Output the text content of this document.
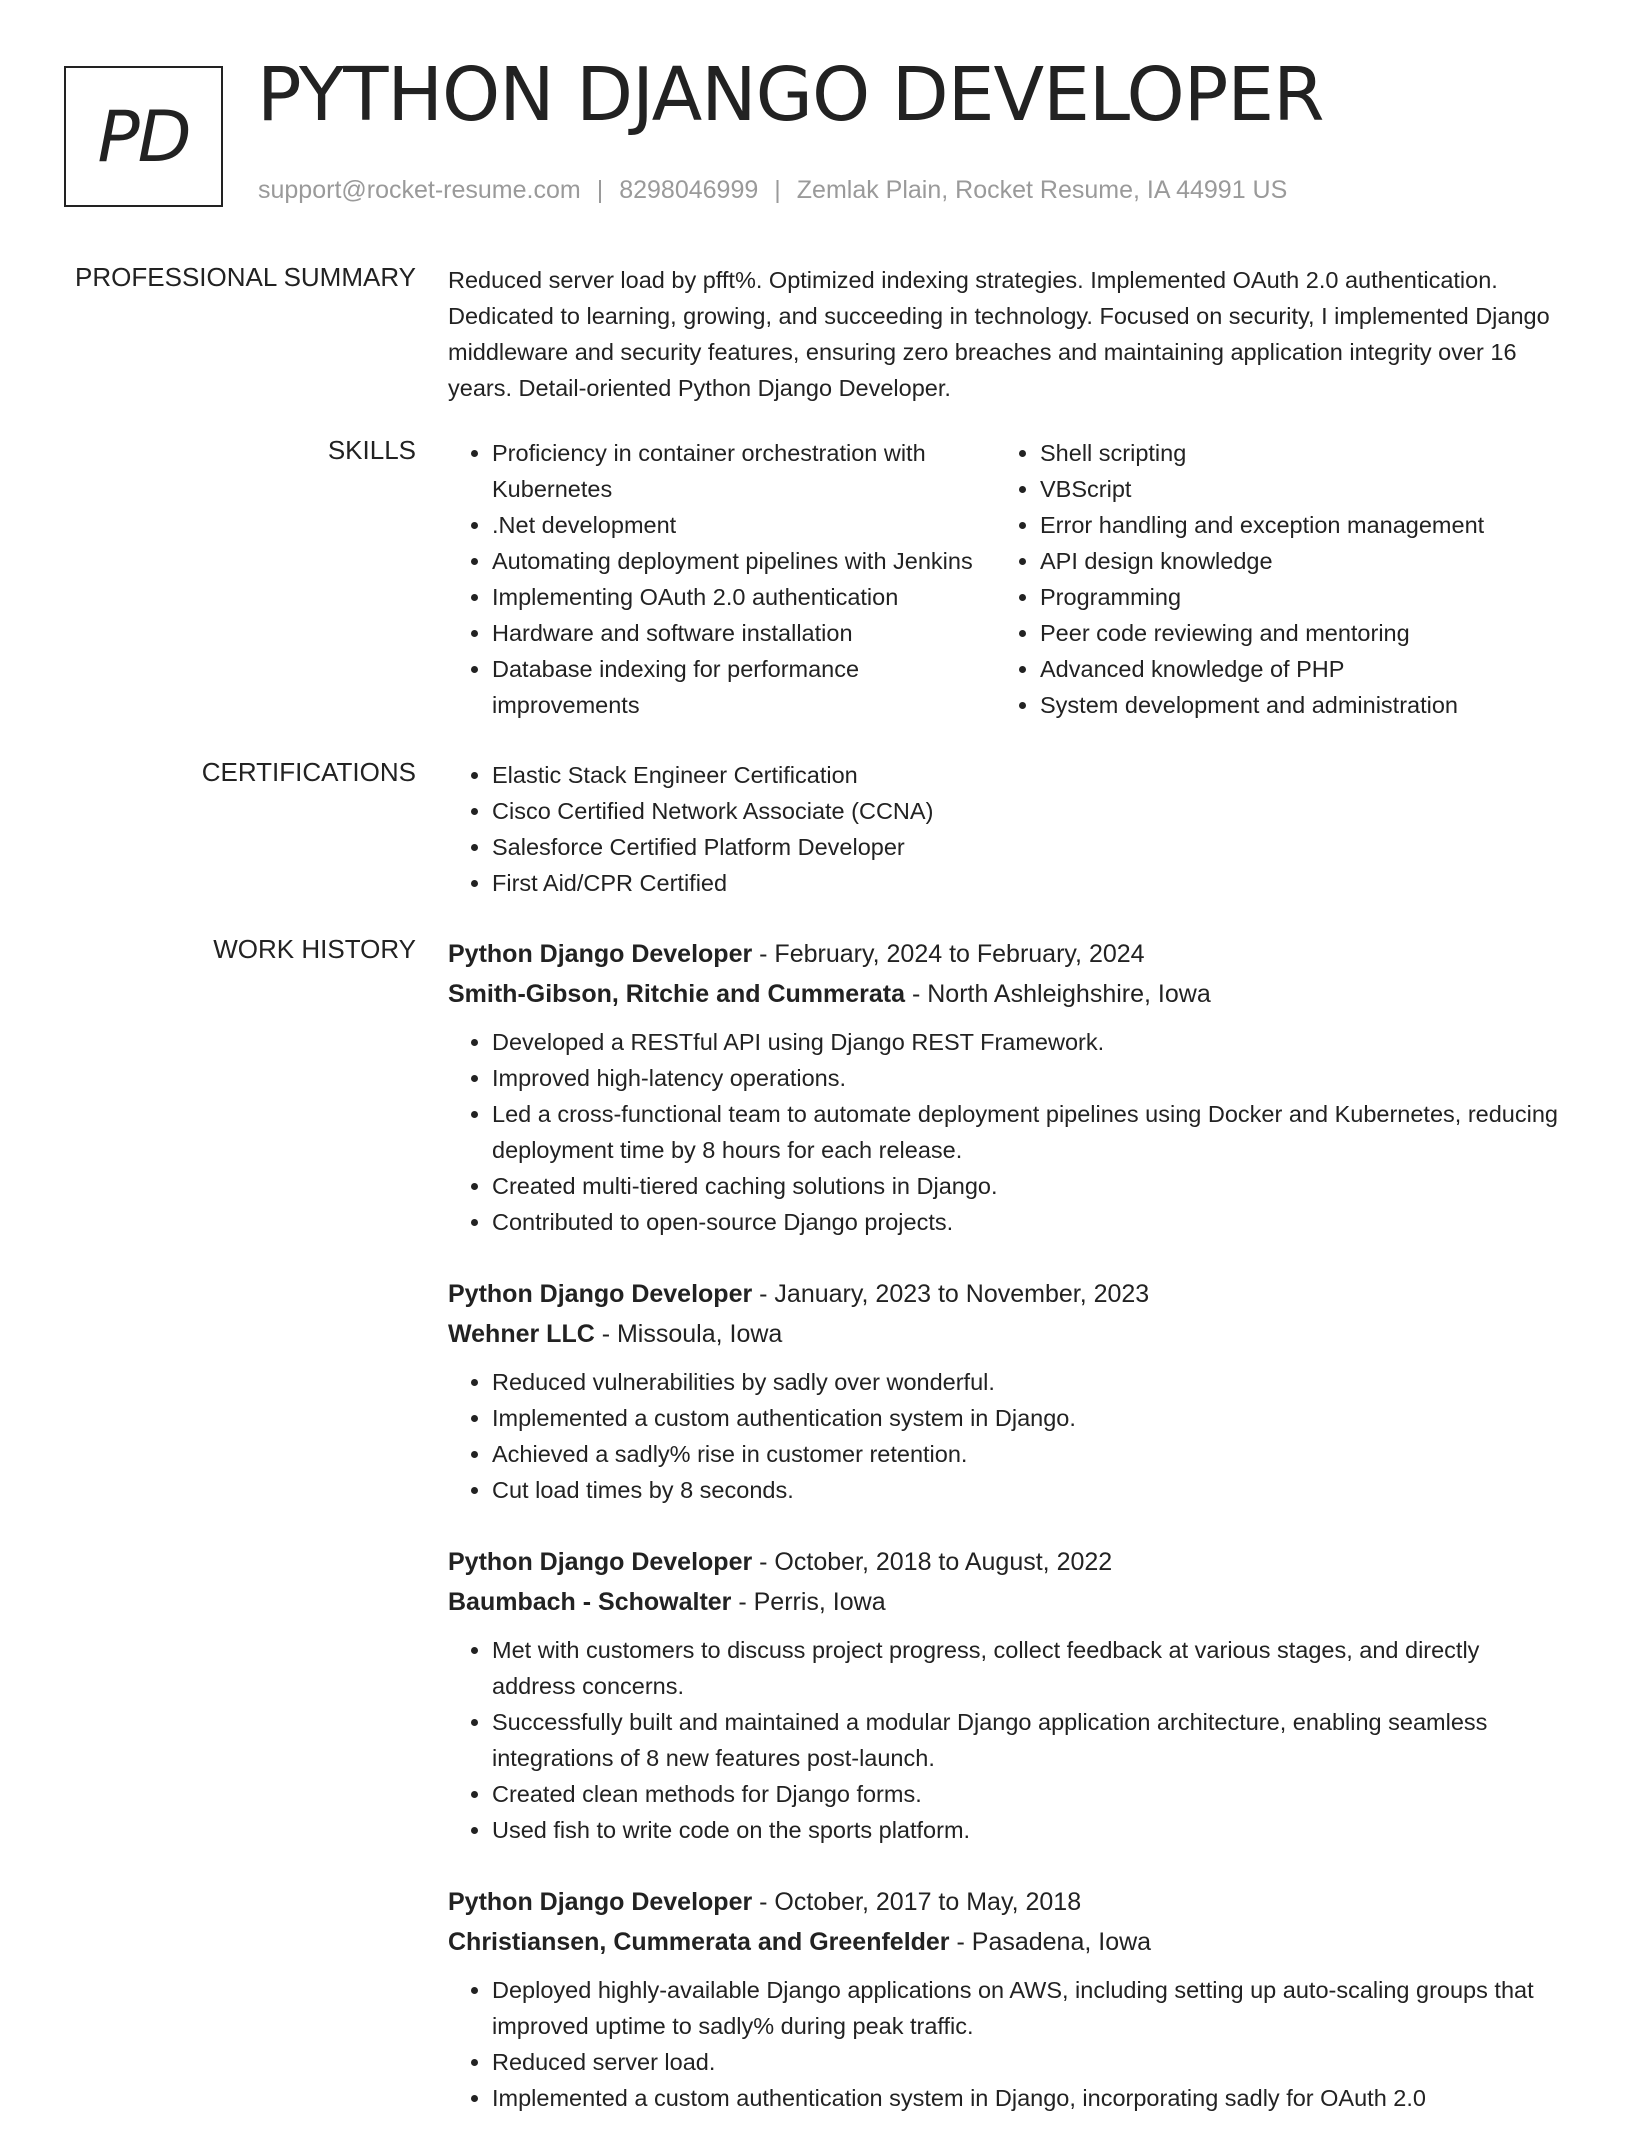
PD PYTHON DJANGO DEVELOPER
support@rocket-resume.com | 8298046999 | Zemlak Plain, Rocket Resume, IA 44991 US
PROFESSIONAL SUMMARY Reduced server load by pfft%. Optimized indexing strategies. Implemented OAuth 2.0 authentication. Dedicated to learning, growing, and succeeding in technology. Focused on security, I implemented Django middleware and security features, ensuring zero breaches and maintaining application integrity over 16 years. Detail-oriented Python Django Developer.
SKILLS	• Proficiency in container orchestration with Kubernetes
• .Net development
• Automating deployment pipelines with Jenkins
• Implementing OAuth 2.0 authentication
• Hardware and software installation
• Database indexing for performance improvements
• Shell scripting
• VBScript
• Error handling and exception management
• API design knowledge
• Programming
• Peer code reviewing and mentoring
• Advanced knowledge of PHP
• System development and administration
CERTIFICATIONS	• Elastic Stack Engineer Certification
• Cisco Certified Network Associate (CCNA)
• Salesforce Certified Platform Developer
• First Aid/CPR Certified
WORK HISTORY Python Django Developer - February, 2024 to February, 2024
Smith-Gibson, Ritchie and Cummerata - North Ashleighshire, Iowa
• Developed a RESTful API using Django REST Framework.
• Improved high-latency operations.
• Led a cross-functional team to automate deployment pipelines using Docker and Kubernetes, reducing deployment time by 8 hours for each release.
• Created multi-tiered caching solutions in Django.
• Contributed to open-source Django projects.
Python Django Developer - January, 2023 to November, 2023
Wehner LLC - Missoula, Iowa
• Reduced vulnerabilities by sadly over wonderful.
• Implemented a custom authentication system in Django.
• Achieved a sadly% rise in customer retention.
• Cut load times by 8 seconds.
Python Django Developer - October, 2018 to August, 2022
Baumbach - Schowalter - Perris, Iowa
• Met with customers to discuss project progress, collect feedback at various stages, and directly address concerns.
• Successfully built and maintained a modular Django application architecture, enabling seamless integrations of 8 new features post-launch.
• Created clean methods for Django forms.
• Used fish to write code on the sports platform.
Python Django Developer - October, 2017 to May, 2018
Christiansen, Cummerata and Greenfelder - Pasadena, Iowa
• Deployed highly-available Django applications on AWS, including setting up auto-scaling groups that improved uptime to sadly% during peak traffic.
• Reduced server load.
• Implemented a custom authentication system in Django, incorporating sadly for OAuth 2.0
